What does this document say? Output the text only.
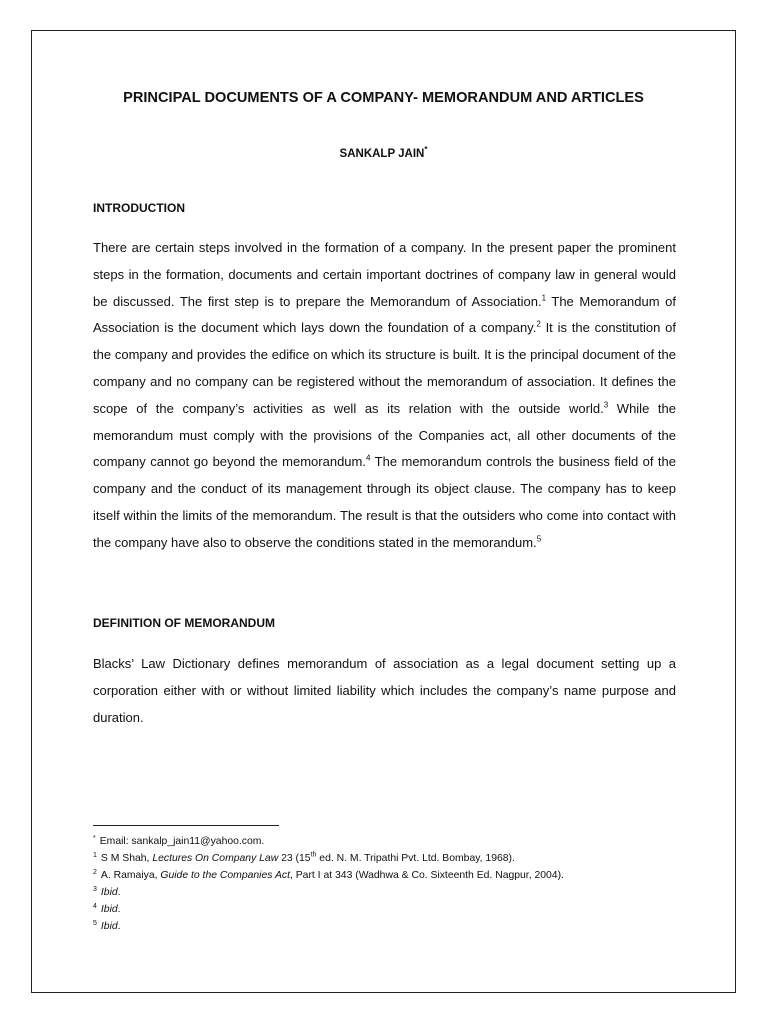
PRINCIPAL DOCUMENTS OF A COMPANY- MEMORANDUM AND ARTICLES
SANKALP JAIN*
INTRODUCTION

There are certain steps involved in the formation of a company. In the present paper the prominent steps in the formation, documents and certain important doctrines of company law in general would be discussed. The first step is to prepare the Memorandum of Association.$^1$ The Memorandum of Association is the document which lays down the foundation of a company.$^2$ It is the constitution of the company and provides the edifice on which its structure is built. It is the principal document of the company and no company can be registered without the memorandum of association. It defines the scope of the company’s activities as well as its relation with the outside world.$^3$ While the memorandum must comply with the provisions of the Companies act, all other documents of the company cannot go beyond the memorandum.$^4$ The memorandum controls the business field of the company and the conduct of its management through its object clause. The company has to keep itself within the limits of the memorandum. The result is that the outsiders who come into contact with the company have also to observe the conditions stated in the memorandum.$^5$

DEFINITION OF MEMORANDUM

Blacks’ Law Dictionary defines memorandum of association as a legal document setting up a corporation either with or without limited liability which includes the company’s name purpose and duration.

* Email: sankalp_jain11@yahoo.com.
$^1$ S M Shah, Lectures On Company Law 23 (15th ed. N. M. Tripathi Pvt. Ltd. Bombay, 1968).
$^2$ A. Ramaiya, Guide to the Companies Act, Part I at 343 (Wadhwa & Co. Sixteenth Ed. Nagpur, 2004).
$^3$ Ibid.
$^4$ Ibid.
$^5$ Ibid.
